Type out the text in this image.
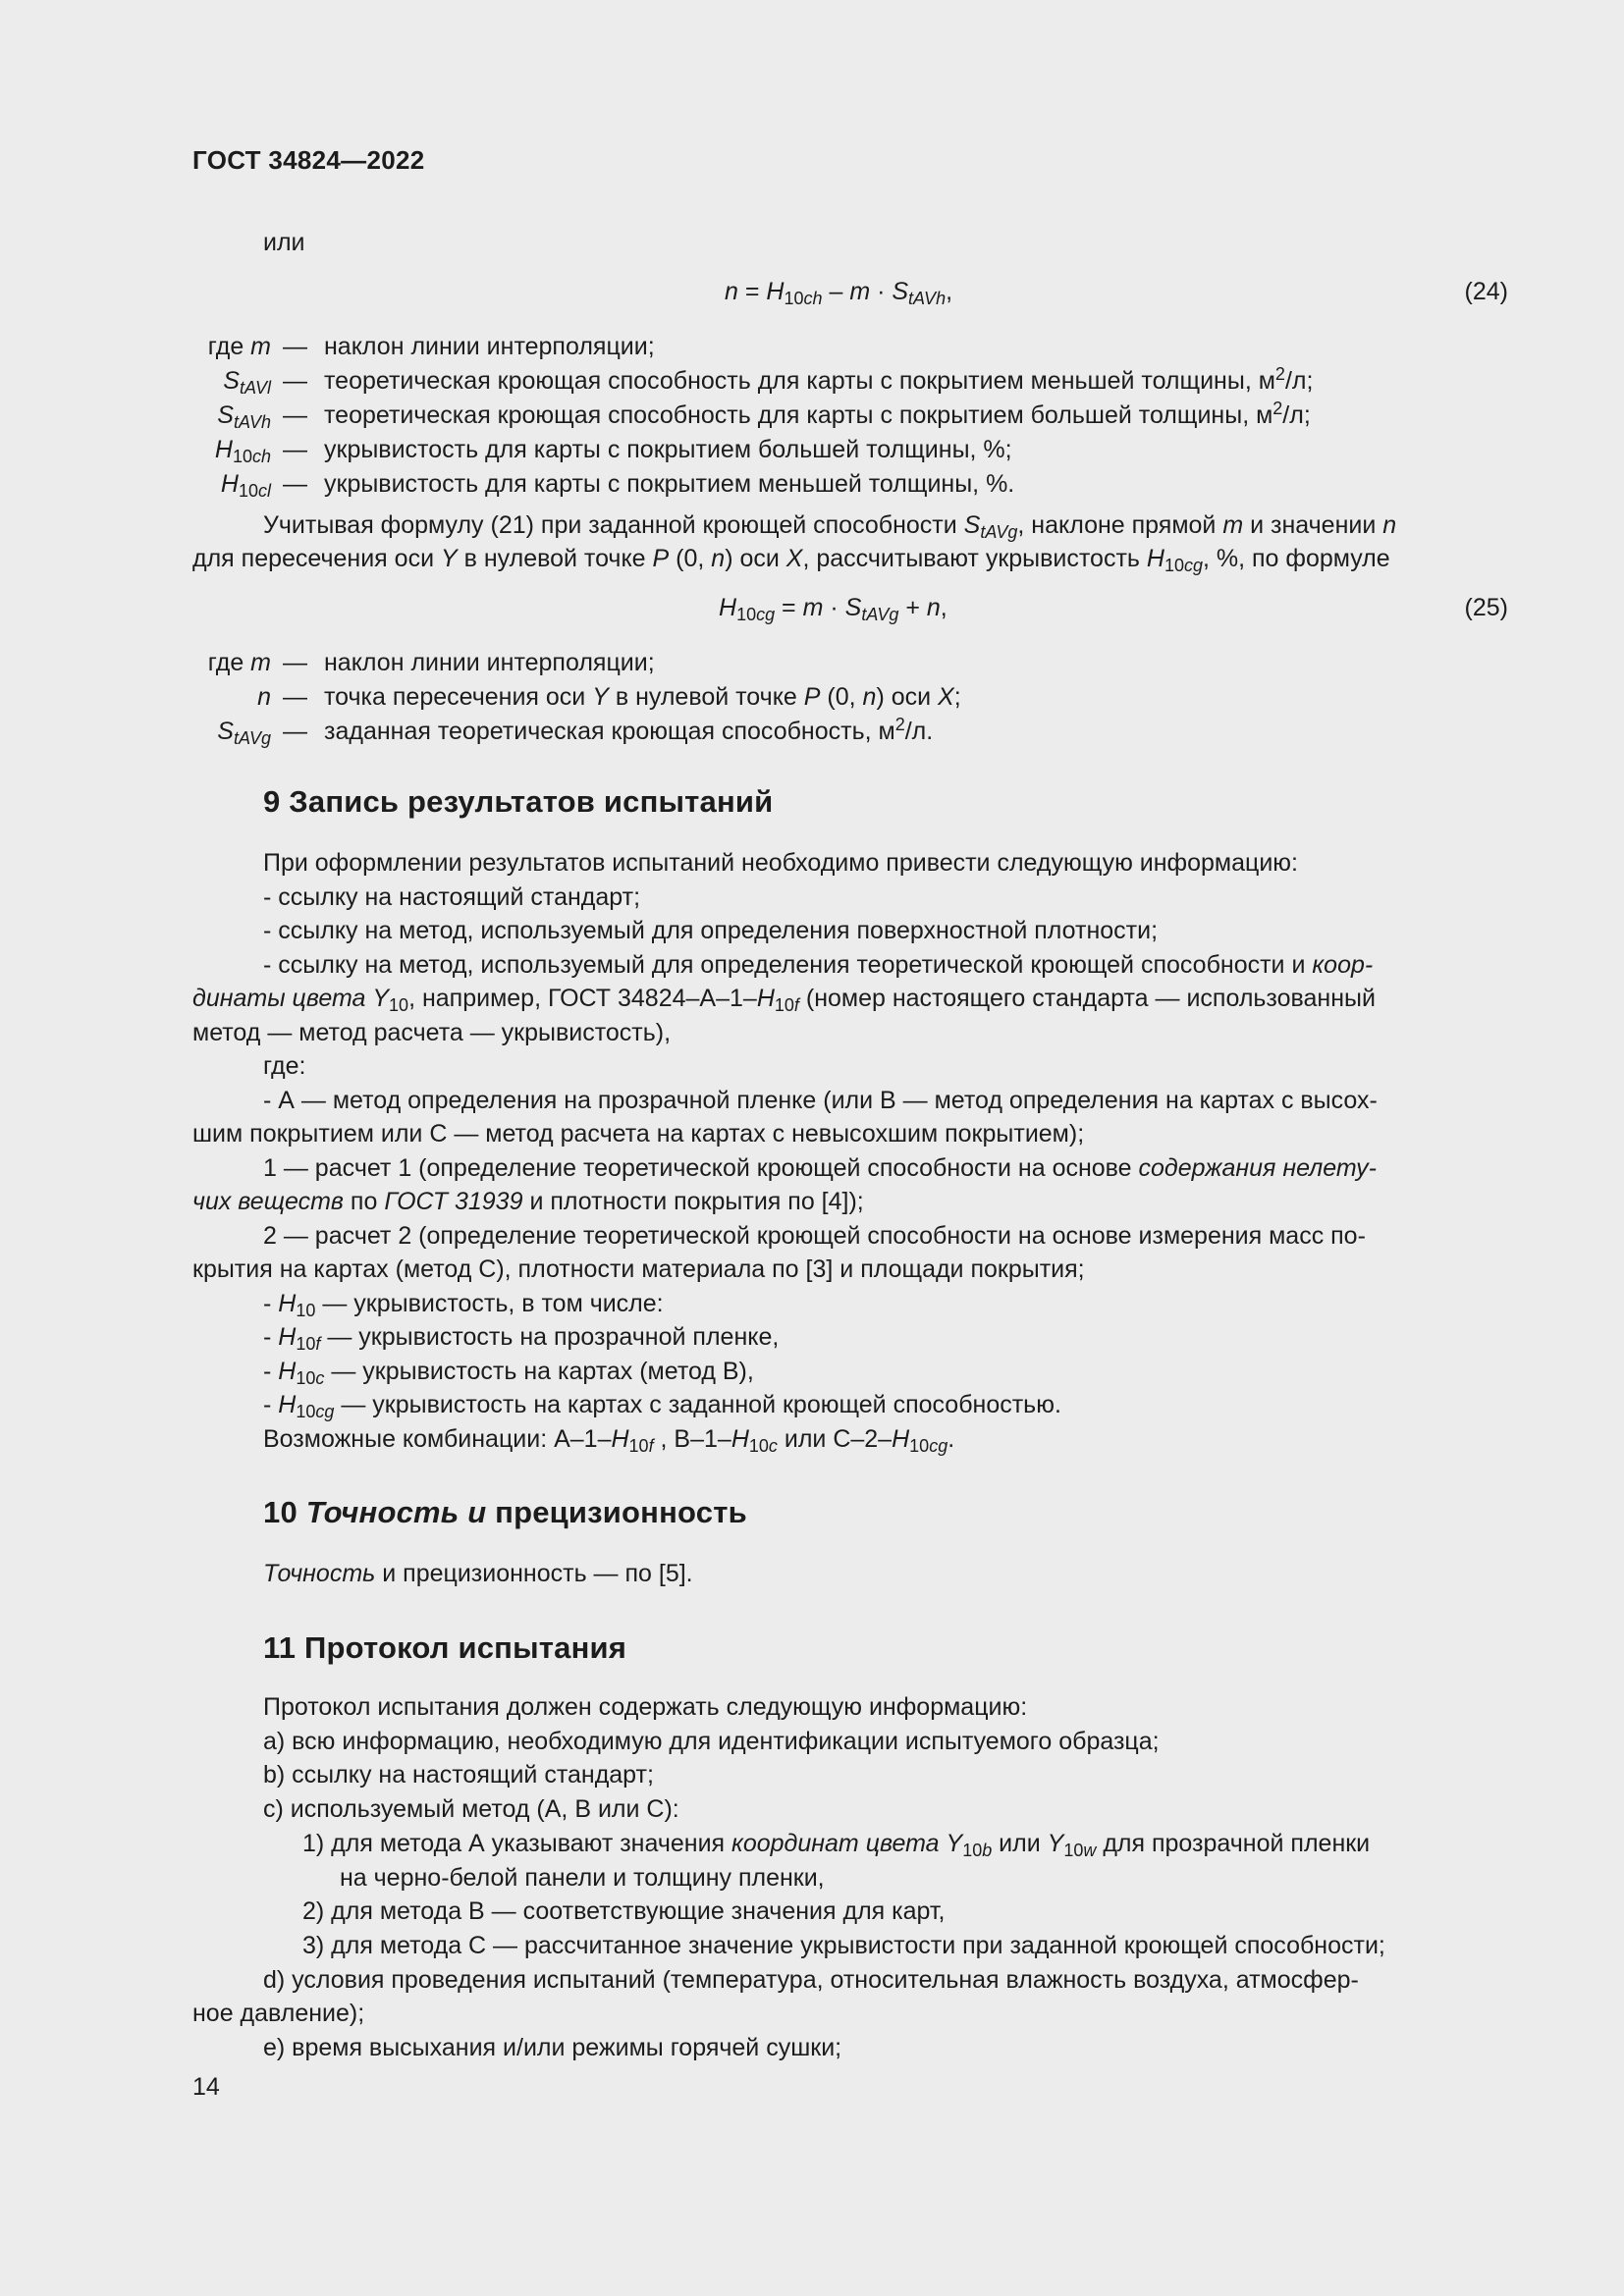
ГОСТ 34824—2022
или
$n = H_{10ch} - m \cdot S_{tAVh}$,	(24)
где m — наклон линии интерполяции;
$S_{tAVl}$ — теоретическая кроющая способность для карты с покрытием меньшей толщины, $м^2/л$;
$S_{tAVh}$ — теоретическая кроющая способность для карты с покрытием большей толщины, $м^2/л$;
$H_{10ch}$ — укрывистость для карты с покрытием большей толщины, %;
$H_{10cl}$ — укрывистость для карты с покрытием меньшей толщины, %.
Учитывая формулу (21) при заданной кроющей способности $S_{tAVg}$, наклоне прямой m и значении n
для пересечения оси Y в нулевой точке P (0, n) оси X, рассчитывают укрывистость $H_{10cg}$, %, по формуле
$H_{10cg} = m \cdot S_{tAVg} + n$,	(25)
где m — наклон линии интерполяции;
n — точка пересечения оси Y в нулевой точке P (0, n) оси X;
$S_{tAVg}$ — заданная теоретическая кроющая способность, $м^2/л$.
9 Запись результатов испытаний
При оформлении результатов испытаний необходимо привести следующую информацию:
- ссылку на настоящий стандарт;
- ссылку на метод, используемый для определения поверхностной плотности;
- ссылку на метод, используемый для определения теоретической кроющей способности и коор-
динаты цвета $Y_{10}$, например, ГОСТ $34824-А-1-H_{10f}$ (номер настоящего стандарта — использованный
метод — метод расчета — укрывистость),
где:
- А — метод определения на прозрачной пленке (или В — метод определения на картах с высох-
шим покрытием или С — метод расчета на картах с невысохшим покрытием);
1 — расчет 1 (определение теоретической кроющей способности на основе содержания нелету-
чих веществ по ГОСТ 31939 и плотности покрытия по [4]);
2 — расчет 2 (определение теоретической кроющей способности на основе измерения масс по-
крытия на картах (метод С), плотности материала по [3] и площади покрытия;
- $H_{10}$ — укрывистость, в том числе:
- $H_{10f}$ — укрывистость на прозрачной пленке,
- $H_{10c}$ — укрывистость на картах (метод В),
- $H_{10cg}$ — укрывистость на картах с заданной кроющей способностью.
Возможные комбинации: $А-1-H_{10f}$ , $В-1-H_{10c}$ или $С-2-H_{10cg}$.
10 Точность и прецизионность
Точность и прецизионность — по [5].
11 Протокол испытания
Протокол испытания должен содержать следующую информацию:
а) всю информацию, необходимую для идентификации испытуемого образца;
b) ссылку на настоящий стандарт;
с) используемый метод (А, В или С):
1) для метода А указывают значения координат цвета $Y_{10b}$ или $Y_{10w}$ для прозрачной пленки
на черно-белой панели и толщину пленки,
2) для метода В — соответствующие значения для карт,
3) для метода С — рассчитанное значение укрывистости при заданной кроющей способности;
d) условия проведения испытаний (температура, относительная влажность воздуха, атмосфер-
ное давление);
е) время высыхания и/или режимы горячей сушки;
14
